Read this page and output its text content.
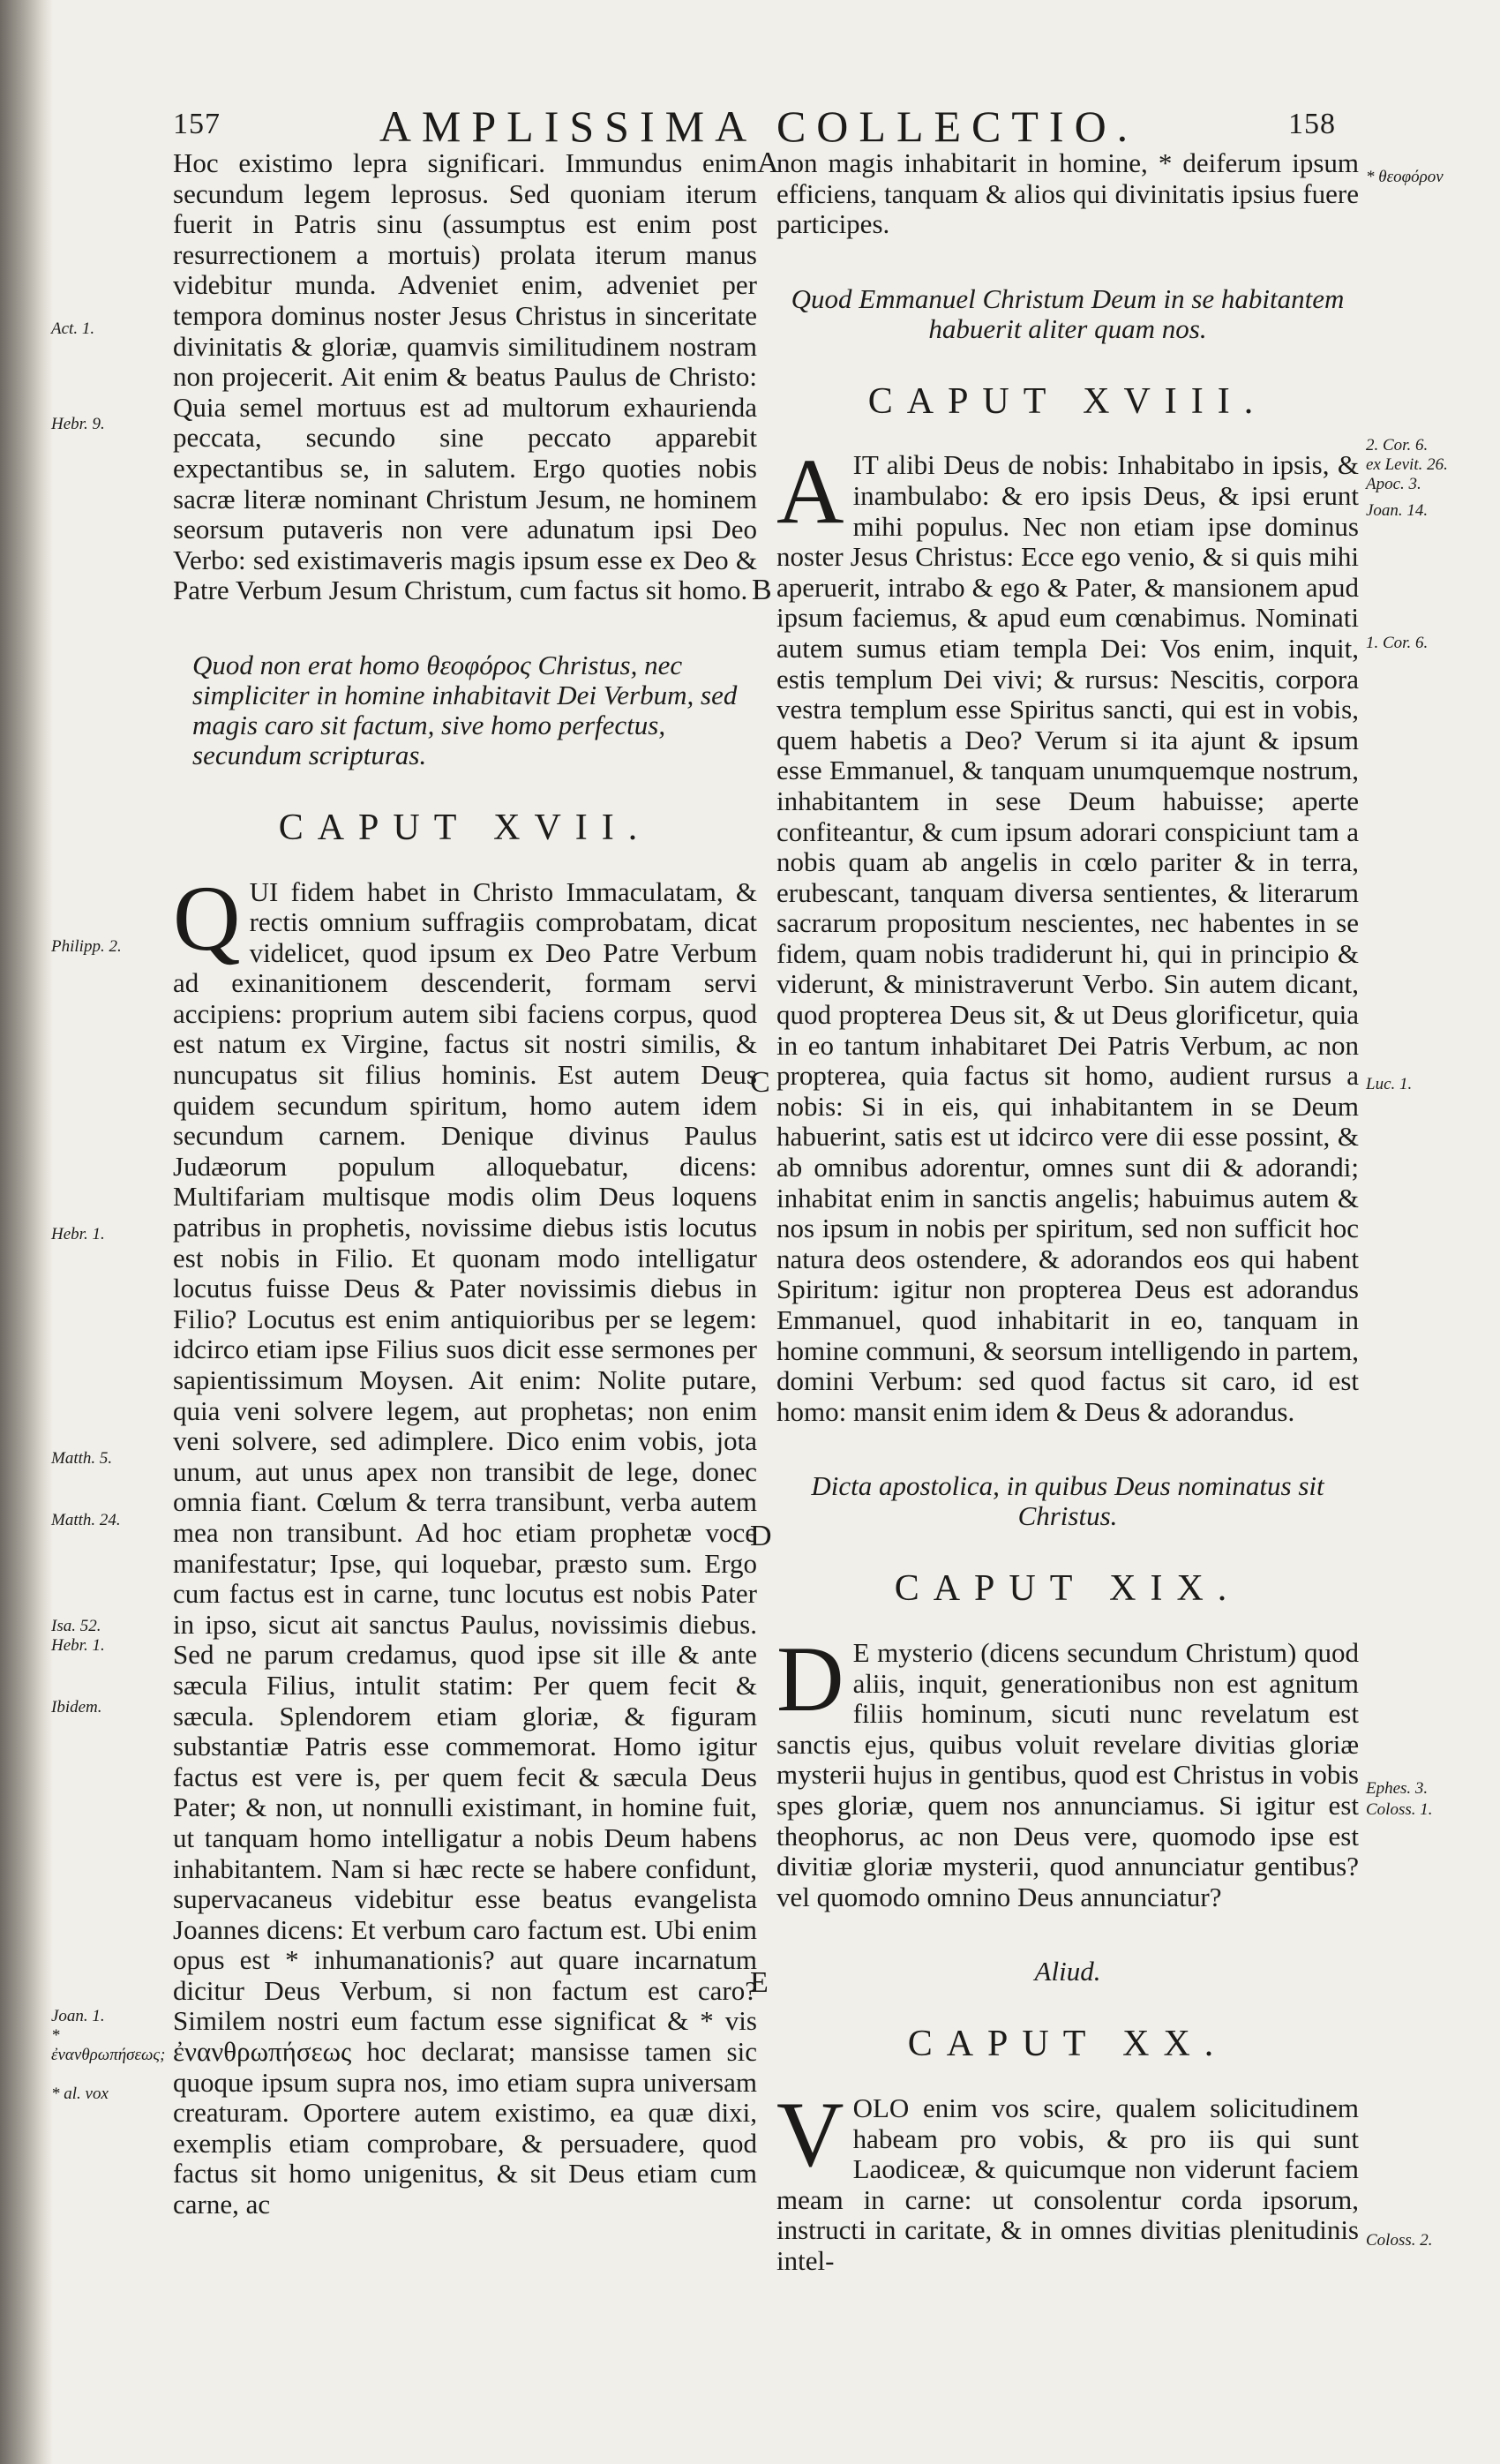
157	AMPLISSIMA COLLECTIO.	158
A
B
C
D
E

Hoc existimo lepra significari. Immundus enim secundum legem leprosus. Sed quoniam iterum fuerit in Patris sinu (assumptus est enim post resurrectionem a mortuis) prolata iterum manus videbitur munda. Adveniet enim, adveniet per tempora dominus noster Jesus Christus in sinceritate divinitatis & gloriæ, quamvis similitudinem nostram non projecerit. Ait enim & beatus Paulus de Christo: Quia semel mortuus est ad multorum exhaurienda peccata, secundo sine peccato apparebit expectantibus se, in salutem. Ergo quoties nobis sacræ literæ nominant Christum Jesum, ne hominem seorsum putaveris non vere adunatum ipsi Deo Verbo: sed existimaveris magis ipsum esse ex Deo & Patre Verbum Jesum Christum, cum factus sit homo.

Quod non erat homo θεοφόρος Christus, nec simpliciter in homine inhabitavit Dei Verbum, sed magis caro sit factum, sive homo perfectus, secundum scripturas.
CAPUT XVII.

QUI fidem habet in Christo Immaculatam, & rectis omnium suffragiis comprobatam, dicat videlicet, quod ipsum ex Deo Patre Verbum ad exinanitionem descenderit, formam servi accipiens: proprium autem sibi faciens corpus, quod est natum ex Virgine, factus sit nostri similis, & nuncupatus sit filius hominis. Est autem Deus quidem secundum spiritum, homo autem idem secundum carnem. Denique divinus Paulus Judæorum populum alloquebatur, dicens: Multifariam multisque modis olim Deus loquens patribus in prophetis, novissime diebus istis locutus est nobis in Filio. Et quonam modo intelligatur locutus fuisse Deus & Pater novissimis diebus in Filio? Locutus est enim antiquioribus per se legem: idcirco etiam ipse Filius suos dicit esse sermones per sapientissimum Moysen. Ait enim: Nolite putare, quia veni solvere legem, aut prophetas; non enim veni solvere, sed adimplere. Dico enim vobis, jota unum, aut unus apex non transibit de lege, donec omnia fiant. Cœlum & terra transibunt, verba autem mea non transibunt. Ad hoc etiam prophetæ voce manifestatur; Ipse, qui loquebar, præsto sum. Ergo cum factus est in carne, tunc locutus est nobis Pater in ipso, sicut ait sanctus Paulus, novissimis diebus. Sed ne parum credamus, quod ipse sit ille & ante sæcula Filius, intulit statim: Per quem fecit & sæcula. Splendorem etiam gloriæ, & figuram substantiæ Patris esse commemorat. Homo igitur factus est vere is, per quem fecit & sæcula Deus Pater; & non, ut nonnulli existimant, in homine fuit, ut tanquam homo intelligatur a nobis Deum habens inhabitantem. Nam si hæc recte se habere confidunt, supervacaneus videbitur esse beatus evangelista Joannes dicens: Et verbum caro factum est. Ubi enim opus est * inhumanationis? aut quare incarnatum dicitur Deus Verbum, si non factum est caro? Similem nostri eum factum esse significat & * vis ἐνανθρωπήσεως hoc declarat; mansisse tamen sic quoque ipsum supra nos, imo etiam supra universam creaturam. Oportere autem existimo, ea quæ dixi, exemplis etiam comprobare, & persuadere, quod factus sit homo unigenitus, & sit Deus etiam cum carne, ac

non magis inhabitarit in homine, * deiferum ipsum efficiens, tanquam & alios qui divinitatis ipsius fuere participes.

Quod Emmanuel Christum Deum in se habitantem habuerit aliter quam nos.
CAPUT XVIII.

AIT alibi Deus de nobis: Inhabitabo in ipsis, & inambulabo: & ero ipsis Deus, & ipsi erunt mihi populus. Nec non etiam ipse dominus noster Jesus Christus: Ecce ego venio, & si quis mihi aperuerit, intrabo & ego & Pater, & mansionem apud ipsum faciemus, & apud eum cœnabimus. Nominati autem sumus etiam templa Dei: Vos enim, inquit, estis templum Dei vivi; & rursus: Nescitis, corpora vestra templum esse Spiritus sancti, qui est in vobis, quem habetis a Deo? Verum si ita ajunt & ipsum esse Emmanuel, & tanquam unumquemque nostrum, inhabitantem in sese Deum habuisse; aperte confiteantur, & cum ipsum adorari conspiciunt tam a nobis quam ab angelis in cœlo pariter & in terra, erubescant, tanquam diversa sentientes, & literarum sacrarum propositum nescientes, nec habentes in se fidem, quam nobis tradiderunt hi, qui in principio & viderunt, & ministraverunt Verbo. Sin autem dicant, quod propterea Deus sit, & ut Deus glorificetur, quia in eo tantum inhabitaret Dei Patris Verbum, ac non propterea, quia factus sit homo, audient rursus a nobis: Si in eis, qui inhabitantem in se Deum habuerint, satis est ut idcirco vere dii esse possint, & ab omnibus adorentur, omnes sunt dii & adorandi; inhabitat enim in sanctis angelis; habuimus autem & nos ipsum in nobis per spiritum, sed non sufficit hoc natura deos ostendere, & adorandos eos qui habent Spiritum: igitur non propterea Deus est adorandus Emmanuel, quod inhabitarit in eo, tanquam in homine communi, & seorsum intelligendo in partem, domini Verbum: sed quod factus sit caro, id est homo: mansit enim idem & Deus & adorandus.

Dicta apostolica, in quibus Deus nominatus sit Christus.
CAPUT XIX.

D E mysterio (dicens secundum Christum) quod aliis, inquit, generationibus non est agnitum filiis hominum, sicuti nunc revelatum est sanctis ejus, quibus voluit revelare divitias gloriæ mysterii hujus in gentibus, quod est Christus in vobis spes gloriæ, quem nos annunciamus. Si igitur est theophorus, ac non Deus vere, quomodo ipse est divitiæ gloriæ mysterii, quod annunciatur gentibus? vel quomodo omnino Deus annunciatur?

Aliud.
CAPUT XX.

VOLO enim vos scire, qualem solicitudinem habeam pro vobis, & pro iis qui sunt Laodiceæ, & quicumque non viderunt faciem meam in carne: ut consolentur corda ipsorum, instructi in caritate, & in omnes divitias plenitudinis intel-

Act. 1.
Hebr. 9.
Philipp. 2.
Hebr. 1.
Matth. 5.
Matth. 24.
Isa. 52.
Hebr. 1.
Ibidem.
Joan. 1.
* ἐνανθρωπήσεως;
* al. vox
* θεοφόρον
2. Cor. 6.
ex Levit. 26.
Apoc. 3.
Joan. 14.
1. Cor. 6.
Luc. 1.
Ephes. 3.
Coloss. 1.
Coloss. 2.
